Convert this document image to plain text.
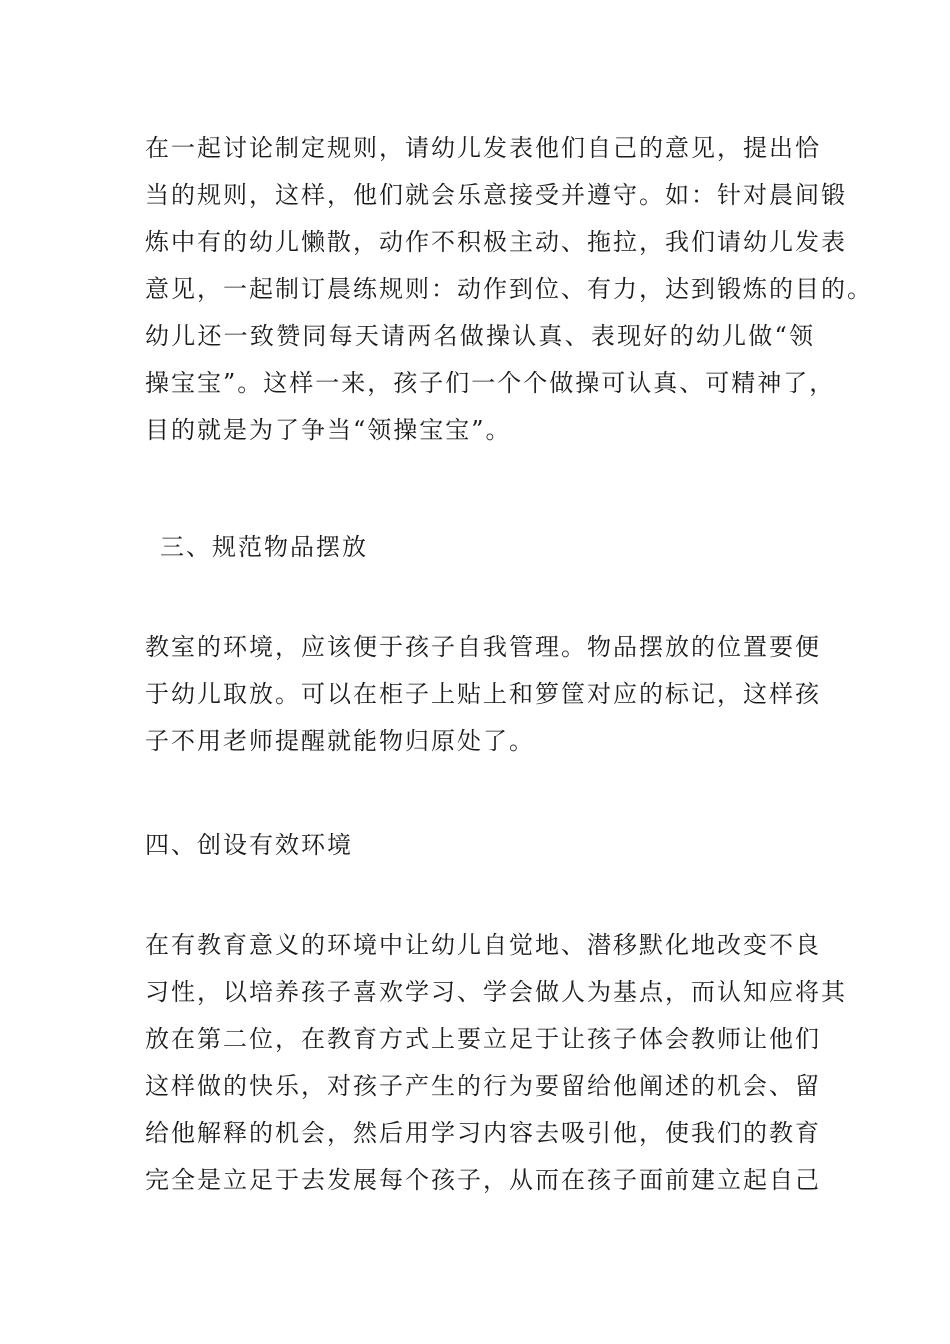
在一起讨论制定规则，请幼儿发表他们自己的意见，提出恰
当的规则，这样，他们就会乐意接受并遵守。如：针对晨间锻
炼中有的幼儿懒散，动作不积极主动、拖拉，我们请幼儿发表
意见，一起制订晨练规则：动作到位、有力，达到锻炼的目的。
幼儿还一致赞同每天请两名做操认真、表现好的幼儿做“领
操宝宝”。这样一来，孩子们一个个做操可认真、可精神了，
目的就是为了争当“领操宝宝”。
三、规范物品摆放
教室的环境，应该便于孩子自我管理。物品摆放的位置要便
于幼儿取放。可以在柜子上贴上和箩筐对应的标记，这样孩
子不用老师提醒就能物归原处了。
四、创设有效环境
在有教育意义的环境中让幼儿自觉地、潜移默化地改变不良
习性，以培养孩子喜欢学习、学会做人为基点，而认知应将其
放在第二位，在教育方式上要立足于让孩子体会教师让他们
这样做的快乐，对孩子产生的行为要留给他阐述的机会、留
给他解释的机会，然后用学习内容去吸引他，使我们的教育
完全是立足于去发展每个孩子，从而在孩子面前建立起自己
